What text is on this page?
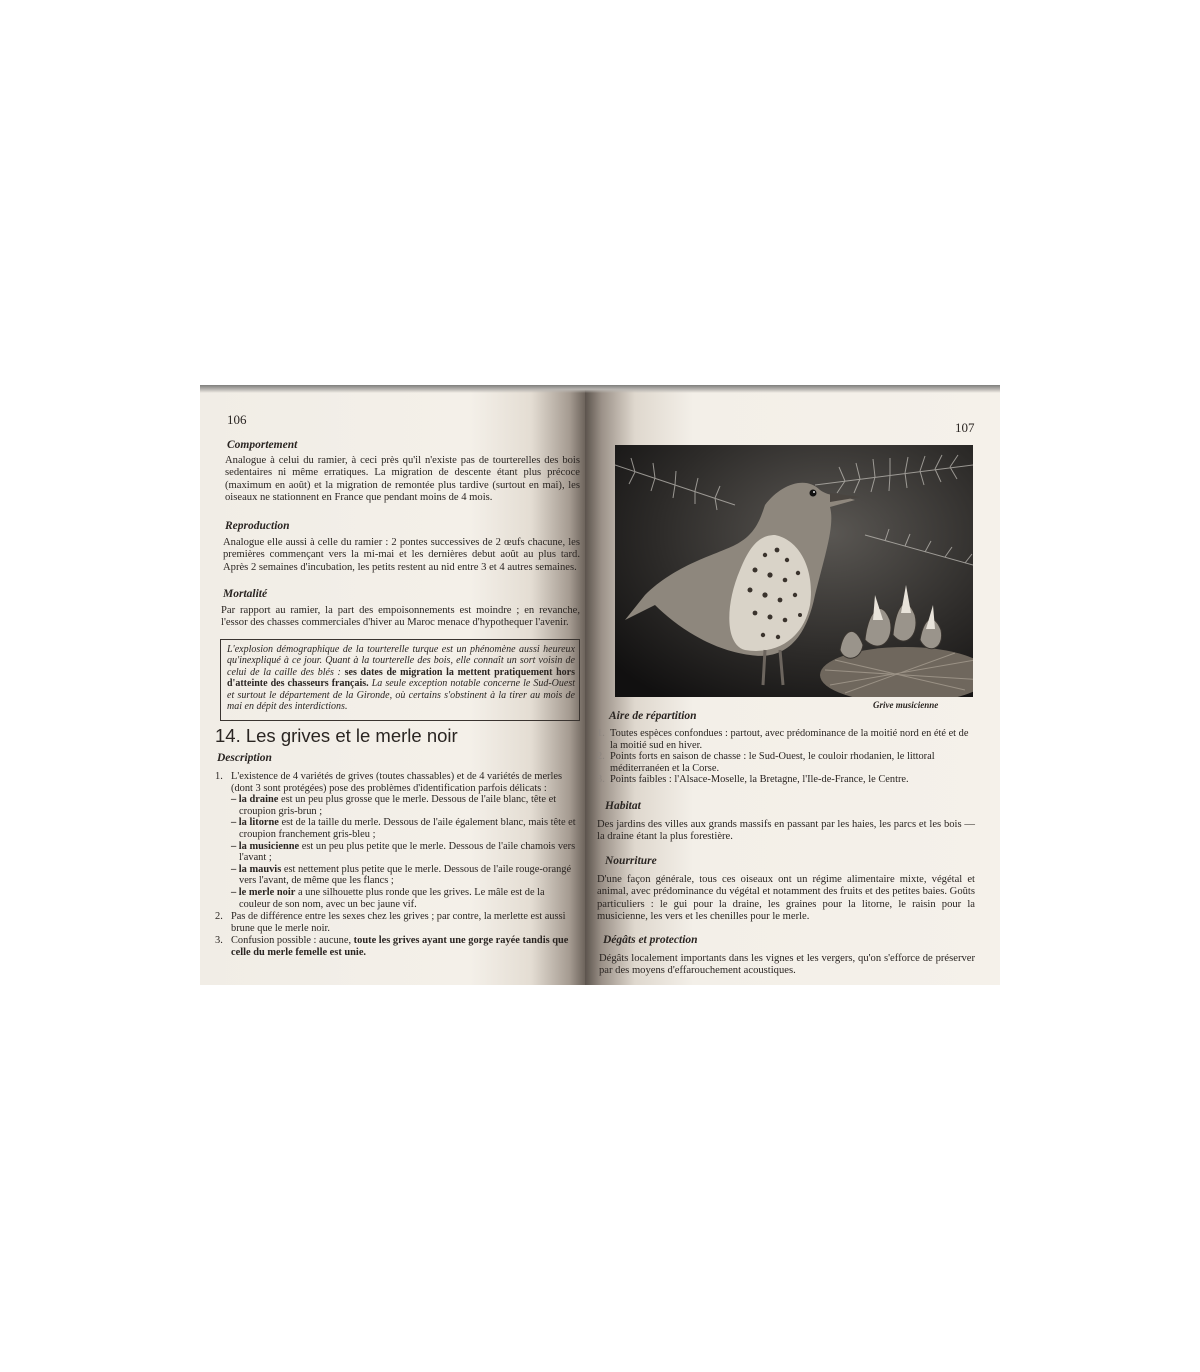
106
Comportement

Analogue à celui du ramier, à ceci près qu'il n'existe pas de tourterelles des bois sedentaires ni même erratiques. La migration de descente étant plus précoce (maximum en août) et la migration de remontée plus tardive (surtout en mai), les oiseaux ne stationnent en France que pendant moins de 4 mois.

Reproduction

Analogue elle aussi à celle du ramier : 2 pontes successives de 2 œufs chacune, les premières commençant vers la mi-mai et les dernières debut août au plus tard. Après 2 semaines d'incubation, les petits restent au nid entre 3 et 4 autres semaines.

Mortalité

Par rapport au ramier, la part des empoisonnements est moindre ; en revanche, l'essor des chasses commerciales d'hiver au Maroc menace d'hypothequer l'avenir.

L'explosion démographique de la tourterelle turque est un phénomène aussi heureux qu'inexpliqué à ce jour. Quant à la tourterelle des bois, elle connaît un sort voisin de celui de la caille des blés : ses dates de migration la mettent pratiquement hors d'atteinte des chasseurs français. La seule exception notable concerne le Sud-Ouest et surtout le département de la Gironde, où certains s'obstinent à la tirer au mois de mai en dépit des interdictions.

14. Les grives et le merle noir
Description
1. L'existence de 4 variétés de grives (toutes chassables) et de 4 variétés de merles (dont 3 sont protégées) pose des problèmes d'identification parfois délicats :
– la draine est un peu plus grosse que le merle. Dessous de l'aile blanc, tête et croupion gris-brun ;
– la litorne est de la taille du merle. Dessous de l'aile également blanc, mais tête et croupion franchement gris-bleu ;
– la musicienne est un peu plus petite que le merle. Dessous de l'aile chamois vers l'avant ;
– la mauvis est nettement plus petite que le merle. Dessous de l'aile rouge-orangé vers l'avant, de même que les flancs ;
– le merle noir a une silhouette plus ronde que les grives. Le mâle est de la couleur de son nom, avec un bec jaune vif.
2. Pas de différence entre les sexes chez les grives ; par contre, la merlette est aussi brune que le merle noir.
3. Confusion possible : aucune, toute les grives ayant une gorge rayée tandis que celle du merle femelle est unie.
107
Grive musicienne
Aire de répartition
1. Toutes espèces confondues : partout, avec prédominance de la moitié nord en été et de la moitié sud en hiver.
2. Points forts en saison de chasse : le Sud-Ouest, le couloir rhodanien, le littoral méditerranéen et la Corse.
3. Points faibles : l'Alsace-Moselle, la Bretagne, l'Ile-de-France, le Centre.
Habitat

Des jardins des villes aux grands massifs en passant par les haies, les parcs et les bois — la draine étant la plus forestière.

Nourriture

D'une façon générale, tous ces oiseaux ont un régime alimentaire mixte, végétal et animal, avec prédominance du végétal et notamment des fruits et des petites baies. Goûts particuliers : le gui pour la draine, les graines pour la litorne, le raisin pour la musicienne, les vers et les chenilles pour le merle.

Dégâts et protection

Dégâts localement importants dans les vignes et les vergers, qu'on s'efforce de préserver par des moyens d'effarouchement acoustiques.
